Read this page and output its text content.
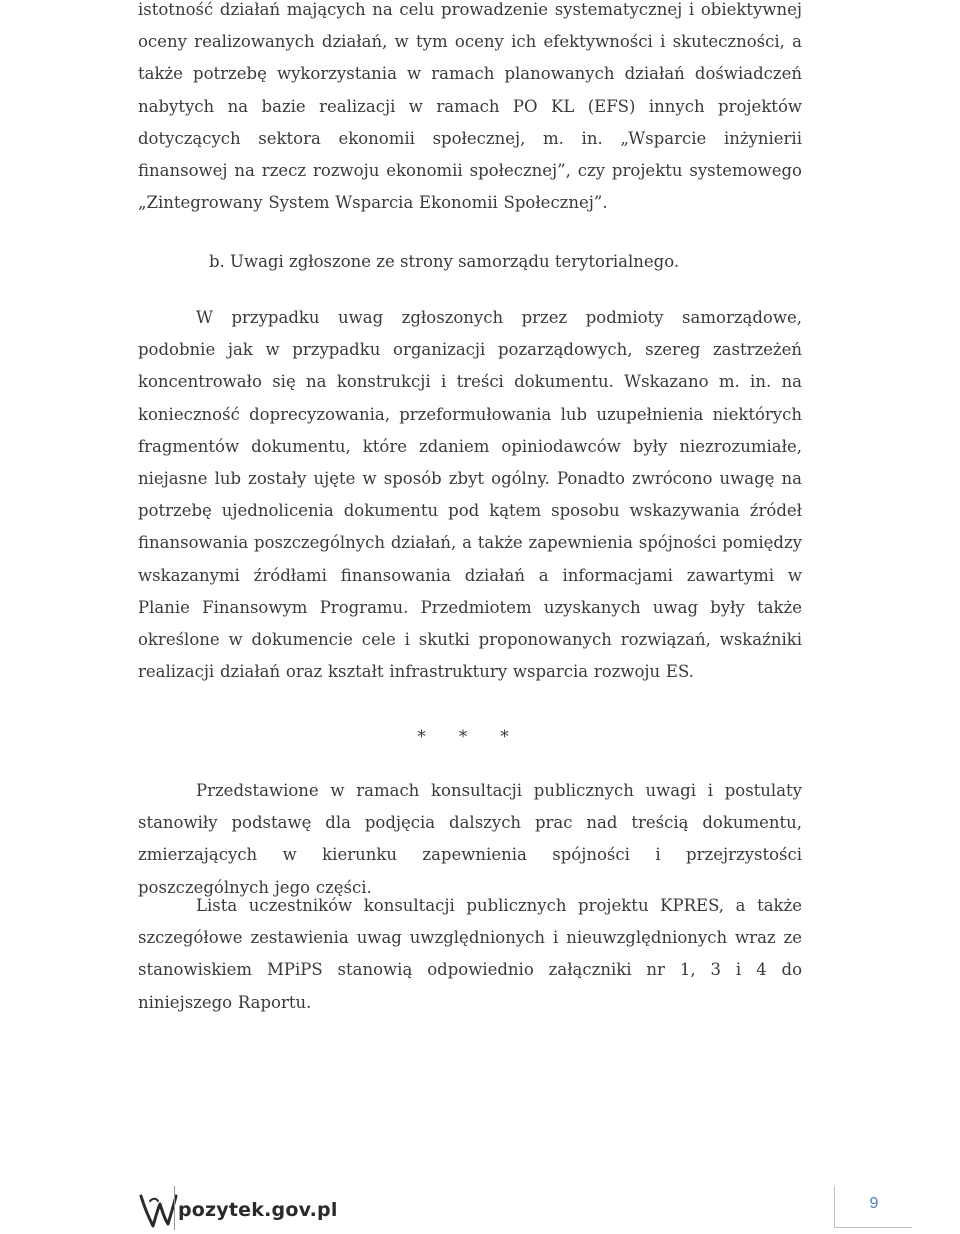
istotność działań mających na celu prowadzenie systematycznej i obiektywnej oceny realizowanych działań, w tym oceny ich efektywności i skuteczności, a także potrzebę wykorzystania w ramach planowanych działań doświadczeń nabytych na bazie realizacji w ramach PO KL (EFS) innych projektów dotyczących sektora ekonomii społecznej, m. in. „Wsparcie inżynierii finansowej na rzecz rozwoju ekonomii społecznej”, czy projektu systemowego „Zintegrowany System Wsparcia Ekonomii Społecznej”.

b. Uwagi zgłoszone ze strony samorządu terytorialnego.

W przypadku uwag zgłoszonych przez podmioty samorządowe, podobnie jak w przypadku organizacji pozarządowych, szereg zastrzeżeń koncentrowało się na konstrukcji i treści dokumentu. Wskazano m. in. na konieczność doprecyzowania, przeformułowania lub uzupełnienia niektórych fragmentów dokumentu, które zdaniem opiniodawców były niezrozumiałe, niejasne lub zostały ujęte w sposób zbyt ogólny. Ponadto zwrócono uwagę na potrzebę ujednolicenia dokumentu pod kątem sposobu wskazywania źródeł finansowania poszczególnych działań, a także zapewnienia spójności pomiędzy wskazanymi źródłami finansowania działań a informacjami zawartymi w Planie Finansowym Programu. Przedmiotem uzyskanych uwag były także określone w dokumencie cele i skutki proponowanych rozwiązań, wskaźniki realizacji działań oraz kształt infrastruktury wsparcia rozwoju ES.

* * *

Przedstawione w ramach konsultacji publicznych uwagi i postulaty stanowiły podstawę dla podjęcia dalszych prac nad treścią dokumentu, zmierzających w kierunku zapewnienia spójności i przejrzystości poszczególnych jego części.

Lista uczestników konsultacji publicznych projektu KPRES, a także szczegółowe zestawienia uwag uwzględnionych i nieuwzględnionych wraz ze stanowiskiem MPiPS stanowią odpowiednio załączniki nr 1, 3 i 4 do niniejszego Raportu.

pozytek.gov.pl	9
